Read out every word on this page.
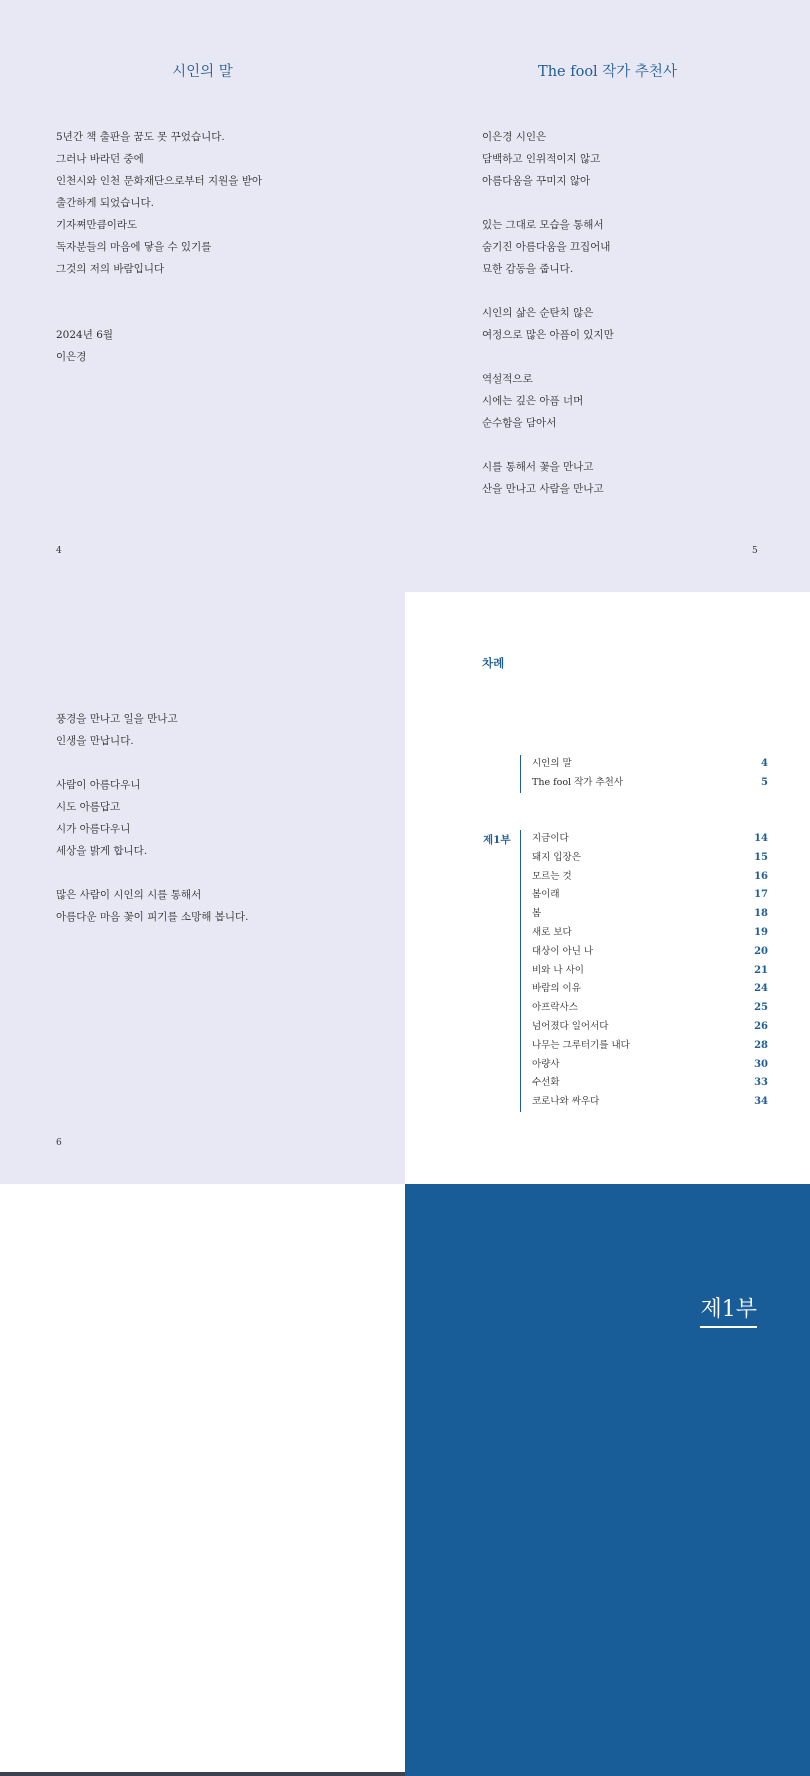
시인의 말
5년간 책 출판을 꿈도 못 꾸었습니다.
그러나 바라던 중에
인천시와 인천 문화재단으로부터 지원을 받아
출간하게 되었습니다.
기자쪄만큼이라도
독자분들의 마음에 닿을 수 있기를
그것의 저의 바람입니다
2024년 6월
이은경
4
The fool 작가 추천사
이은경 시인은
담백하고 인위적이지 않고
아름다움을 꾸미지 않아
있는 그대로 모습을 통해서
숨기진 아름다움을 끄집어내
묘한 감동을 줍니다.
시인의 삶은 순탄치 않은
여정으로 많은 아픔이 있지만
역설적으로
시에는 깊은 아픔 너머
순수함을 담아서
시를 통해서 꽃을 만나고
산을 만나고 사람을 만나고
5
풍경을 만나고 일을 만나고
인생을 만납니다.
사람이 아름다우니
시도 아름답고
시가 아름다우니
세상을 밝게 합니다.
많은 사람이 시인의 시를 통해서
아름다운 마음 꽃이 피기를 소망해 봅니다.
6
차례
시인의 말	4
The fool 작가 추천사	5
제1부 지금이다	14
돼지 입장은	15
모르는 것	16
봄이래	17
봄	18
새로 보다	19
대상이 아닌 나	20
비와 나 사이	21
바람의 이유	24
아프락사스	25
넘어졌다 일어서다	26
나무는 그루터기를 내다	28
아량사	30
수선화	33
코로나와 싸우다	34
제1부
